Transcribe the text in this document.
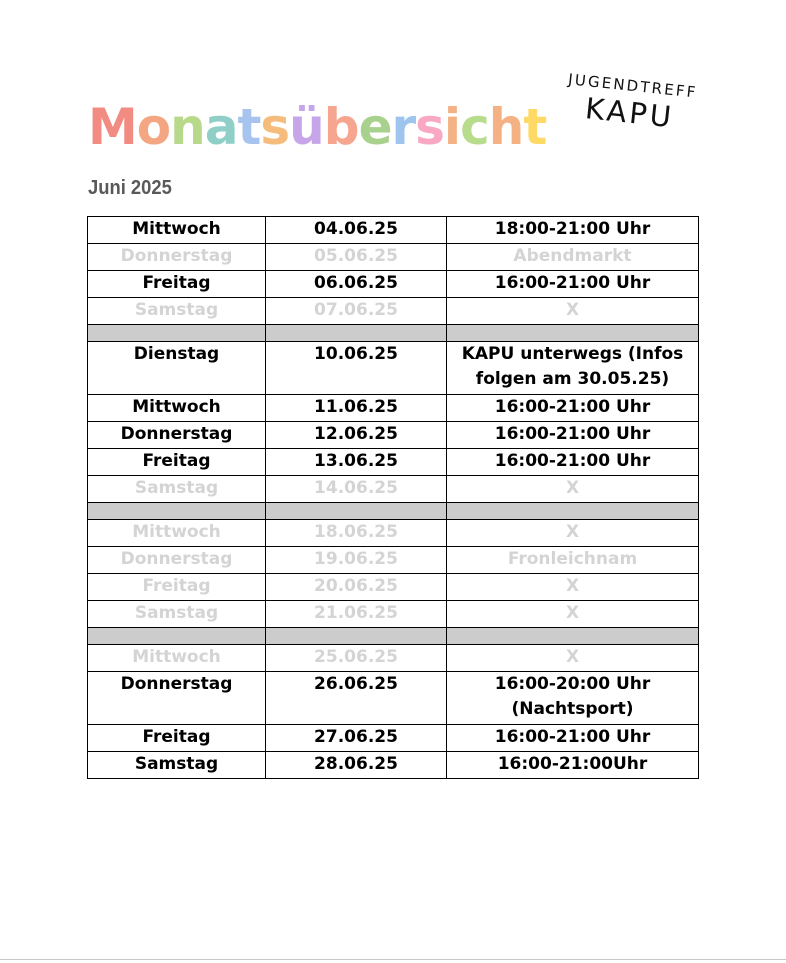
Monatsübersicht
JUGENDTREFF
KAPU
Juni 2025
Mittwoch	04.06.25	18:00-21:00 Uhr
Donnerstag	05.06.25	Abendmarkt
Freitag	06.06.25	16:00-21:00 Uhr
Samstag	07.06.25	X

Dienstag	10.06.25	KAPU unterwegs (Infos folgen am 30.05.25)
Mittwoch	11.06.25	16:00-21:00 Uhr
Donnerstag	12.06.25	16:00-21:00 Uhr
Freitag	13.06.25	16:00-21:00 Uhr
Samstag	14.06.25	X

Mittwoch	18.06.25	X
Donnerstag	19.06.25	Fronleichnam
Freitag	20.06.25	X
Samstag	21.06.25	X

Mittwoch	25.06.25	X
Donnerstag	26.06.25	16:00-20:00 Uhr (Nachtsport)
Freitag	27.06.25	16:00-21:00 Uhr
Samstag	28.06.25	16:00-21:00Uhr
